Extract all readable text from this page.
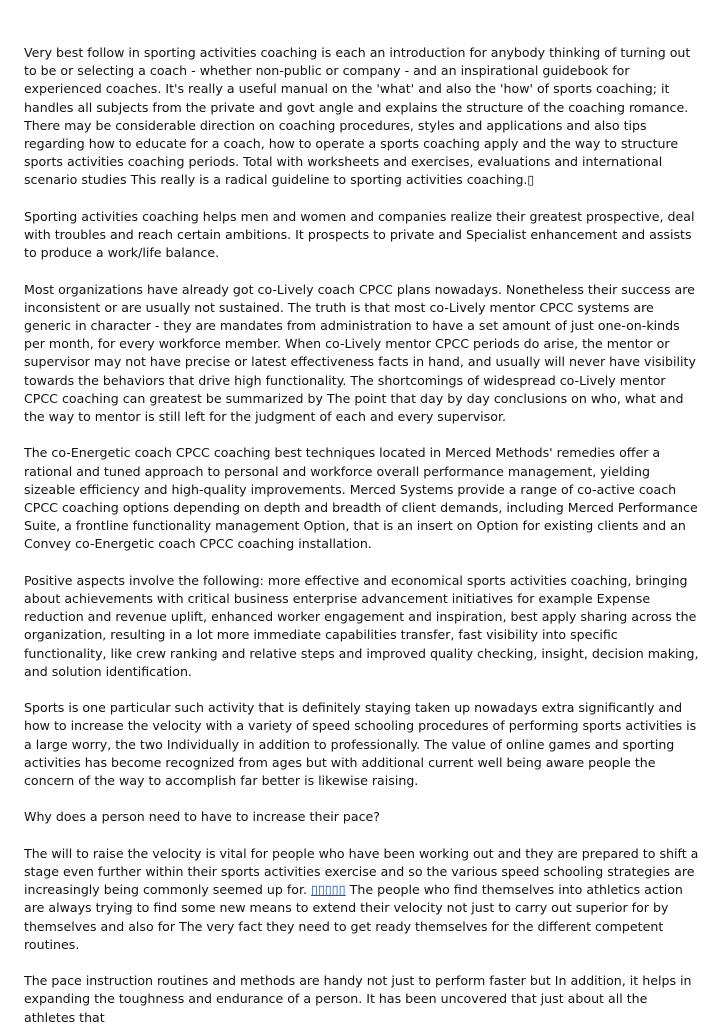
Very best follow in sporting activities coaching is each an introduction for anybody thinking of turning out to be or selecting a coach - whether non-public or company - and an inspirational guidebook for experienced coaches. It's really a useful manual on the 'what' and also the 'how' of sports coaching; it handles all subjects from the private and govt angle and explains the structure of the coaching romance. There may be considerable direction on coaching procedures, styles and applications and also tips regarding how to educate for a coach, how to operate a sports coaching apply and the way to structure sports activities coaching periods. Total with worksheets and exercises, evaluations and international scenario studies This really is a radical guideline to sporting activities coaching.▯

Sporting activities coaching helps men and women and companies realize their greatest prospective, deal with troubles and reach certain ambitions. It prospects to private and Specialist enhancement and assists to produce a work/life balance.

Most organizations have already got co-Lively coach CPCC plans nowadays. Nonetheless their success are inconsistent or are usually not sustained. The truth is that most co-Lively mentor CPCC systems are generic in character - they are mandates from administration to have a set amount of just one-on-kinds per month, for every workforce member. When co-Lively mentor CPCC periods do arise, the mentor or supervisor may not have precise or latest effectiveness facts in hand, and usually will never have visibility towards the behaviors that drive high functionality. The shortcomings of widespread co-Lively mentor CPCC coaching can greatest be summarized by The point that day by day conclusions on who, what and the way to mentor is still left for the judgment of each and every supervisor.

The co-Energetic coach CPCC coaching best techniques located in Merced Methods' remedies offer a rational and tuned approach to personal and workforce overall performance management, yielding sizeable efficiency and high-quality improvements. Merced Systems provide a range of co-active coach CPCC coaching options depending on depth and breadth of client demands, including Merced Performance Suite, a frontline functionality management Option, that is an insert on Option for existing clients and an Convey co-Energetic coach CPCC coaching installation.

Positive aspects involve the following: more effective and economical sports activities coaching, bringing about achievements with critical business enterprise advancement initiatives for example Expense reduction and revenue uplift, enhanced worker engagement and inspiration, best apply sharing across the organization, resulting in a lot more immediate capabilities transfer, fast visibility into specific functionality, like crew ranking and relative steps and improved quality checking, insight, decision making, and solution identification.

Sports is one particular such activity that is definitely staying taken up nowadays extra significantly and how to increase the velocity with a variety of speed schooling procedures of performing sports activities is a large worry, the two Individually in addition to professionally. The value of online games and sporting activities has become recognized from ages but with additional current well being aware people the concern of the way to accomplish far better is likewise raising.

Why does a person need to have to increase their pace?

The will to raise the velocity is vital for people who have been working out and they are prepared to shift a stage even further within their sports activities exercise and so the various speed schooling strategies are increasingly being commonly seemed up for. ▯▯▯▯▯ The people who find themselves into athletics action are always trying to find some new means to extend their velocity not just to carry out superior for by themselves and also for The very fact they need to get ready themselves for the different competent routines.

The pace instruction routines and methods are handy not just to perform faster but In addition, it helps in expanding the toughness and endurance of a person. It has been uncovered that just about all the athletes that
